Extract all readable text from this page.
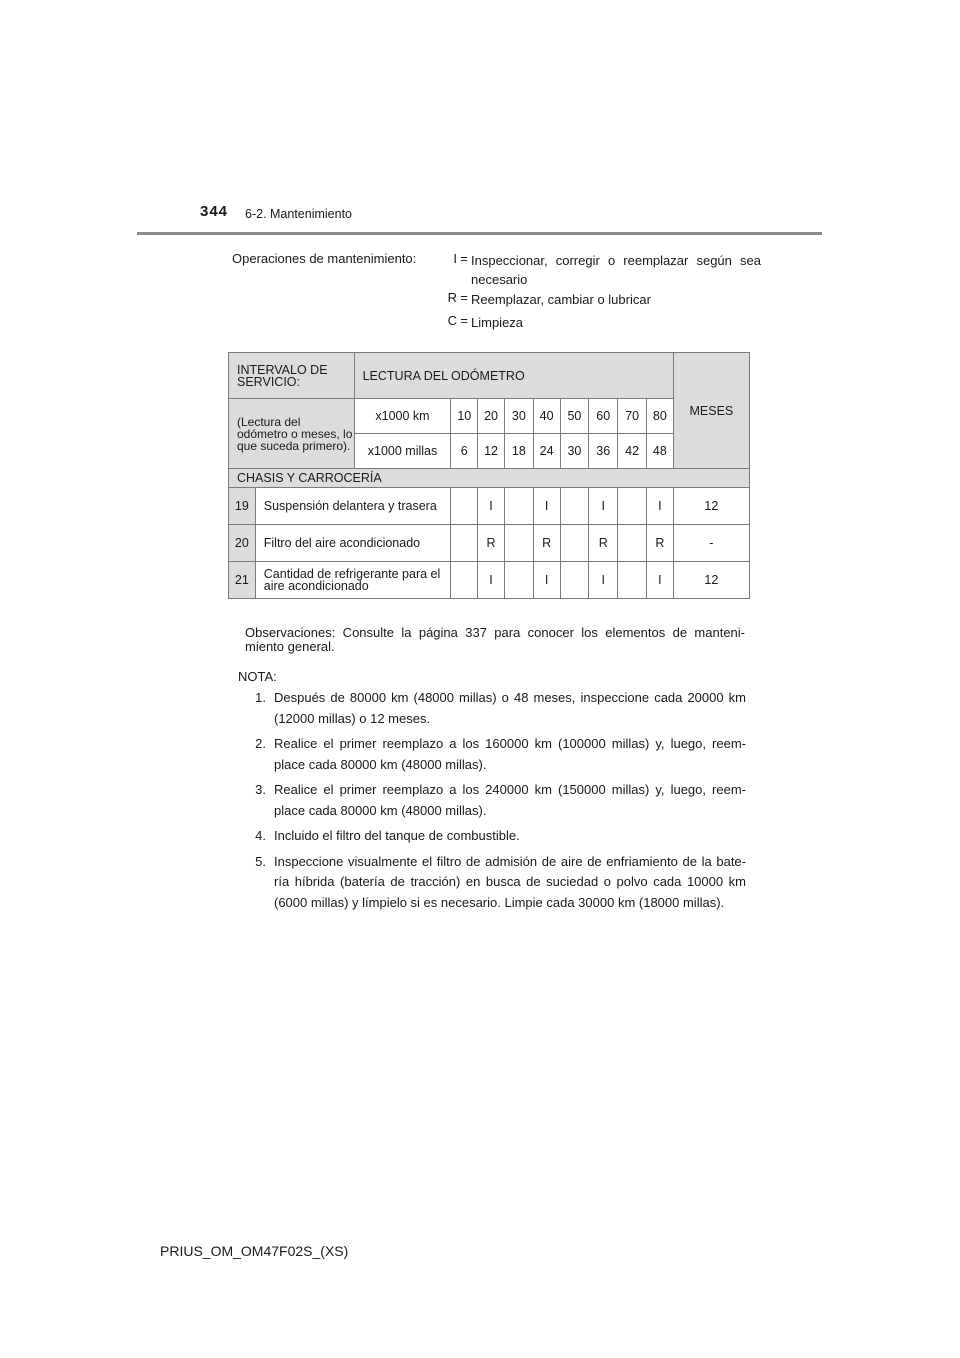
344 6-2. Mantenimiento
Operaciones de mantenimiento:	I = Inspeccionar, corregir o reemplazar según sea necesario
R = Reemplazar, cambiar o lubricar
C = Limpieza
INTERVALO DE SERVICIO:		LECTURA DEL ODÓMETRO									MESES
(Lectura del odómetro o meses, lo que suceda primero).		x1000 km	10	20	30	40	50	60	70	80	
		x1000 millas	6	12	18	24	30	36	42	48	
CHASIS Y CARROCERÍA											
19	Suspensión delantera y trasera			I		I		I		I	12
20	Filtro del aire acondicionado			R		R		R		R	-
21	Cantidad de refrigerante para el aire acondicionado			I		I		I		I	12
Observaciones: Consulte la página 337 para conocer los elementos de manteni-miento general.
NOTA:
1. Después de 80000 km (48000 millas) o 48 meses, inspeccione cada 20000 km (12000 millas) o 12 meses.
2. Realice el primer reemplazo a los 160000 km (100000 millas) y, luego, reem-place cada 80000 km (48000 millas).
3. Realice el primer reemplazo a los 240000 km (150000 millas) y, luego, reem-place cada 80000 km (48000 millas).
4. Incluido el filtro del tanque de combustible.
5. Inspeccione visualmente el filtro de admisión de aire de enfriamiento de la bate-ría híbrida (batería de tracción) en busca de suciedad o polvo cada 10000 km (6000 millas) y límpielo si es necesario. Limpie cada 30000 km (18000 millas).
PRIUS_OM_OM47F02S_(XS)
